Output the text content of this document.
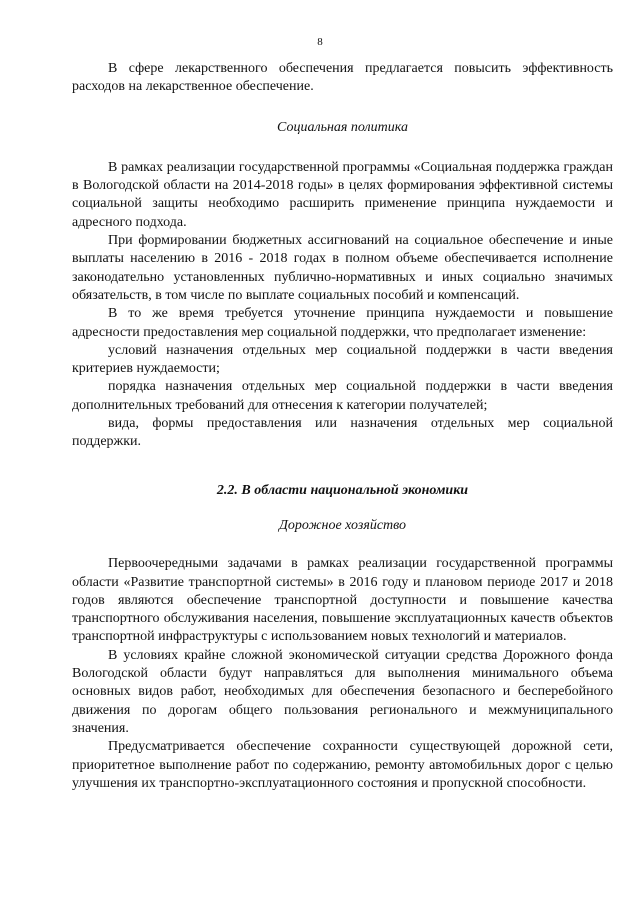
8

В сфере лекарственного обеспечения предлагается повысить эффективность расходов на лекарственное обеспечение.

Социальная политика

В рамках реализации государственной программы «Социальная поддержка граждан в Вологодской области на 2014-2018 годы» в целях формирования эффективной системы социальной защиты необходимо расширить применение принципа нуждаемости и адресного подхода.

При формировании бюджетных ассигнований на социальное обеспечение и иные выплаты населению в 2016 - 2018 годах в полном объеме обеспечивается исполнение законодательно установленных публично-нормативных и иных социально значимых обязательств, в том числе по выплате социальных пособий и компенсаций.

В то же время требуется уточнение принципа нуждаемости и повышение адресности предоставления мер социальной поддержки, что предполагает изменение:

условий назначения отдельных мер социальной поддержки в части введения критериев нуждаемости;

порядка назначения отдельных мер социальной поддержки в части введения дополнительных требований для отнесения к категории получателей;

вида, формы предоставления или назначения отдельных мер социальной поддержки.

2.2. В области национальной экономики

Дорожное хозяйство

Первоочередными задачами в рамках реализации государственной программы области «Развитие транспортной системы» в 2016 году и плановом периоде 2017 и 2018 годов являются обеспечение транспортной доступности и повышение качества транспортного обслуживания населения, повышение эксплуатационных качеств объектов транспортной инфраструктуры с использованием новых технологий и материалов.

В условиях крайне сложной экономической ситуации средства Дорожного фонда Вологодской области будут направляться для выполнения минимального объема основных видов работ, необходимых для обеспечения безопасного и бесперебойного движения по дорогам общего пользования регионального и межмуниципального значения.

Предусматривается обеспечение сохранности существующей дорожной сети, приоритетное выполнение работ по содержанию, ремонту автомобильных дорог с целью улучшения их транспортно-эксплуатационного состояния и пропускной способности.
